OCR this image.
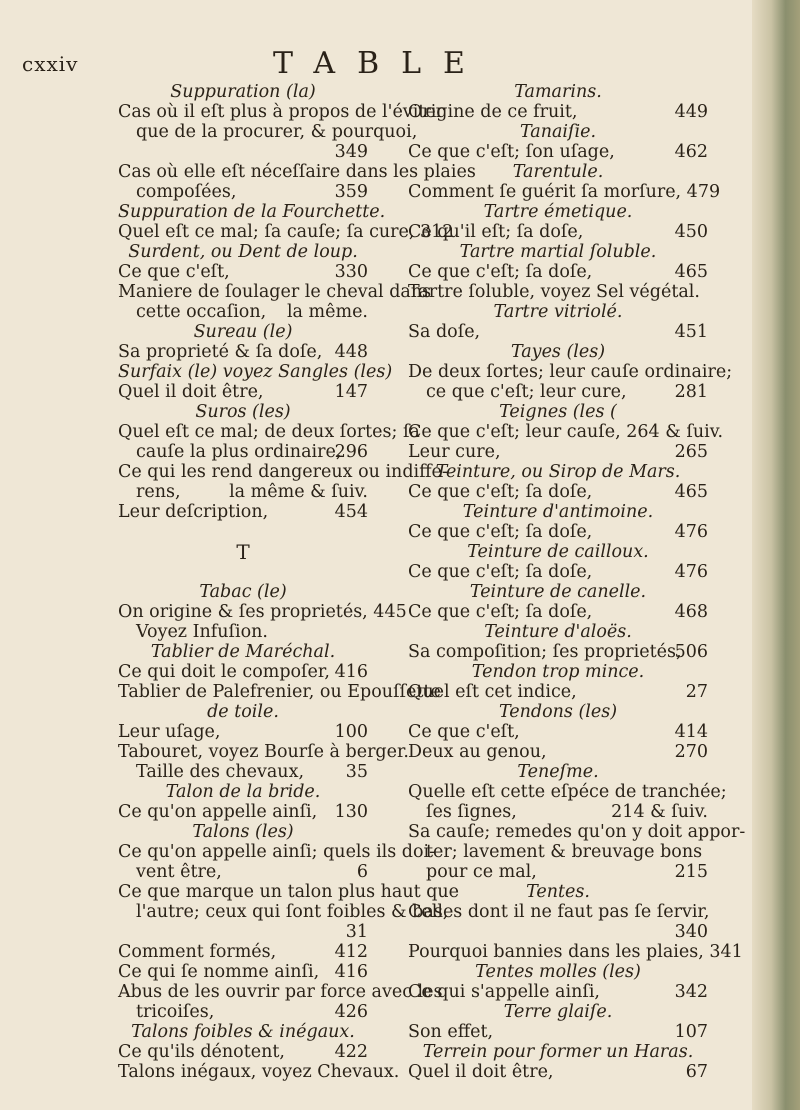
cxxiv	TABLE
Suppuration (la)
Cas où il eſt plus à propos de l'éviter
que de la procurer, & pourquoi,
349
Cas où elle eſt néceſſaire dans les plaies
compoſées,	359
Suppuration de la Fourchette.
Quel eſt ce mal; ſa cauſe; ſa cure, 312
Surdent, ou Dent de loup.
Ce que c'eſt,	330
Maniere de ſoulager le cheval dans
cette occaſion, la même.
Sureau (le)
Sa proprieté & ſa doſe, 448
Surfaix (le) voyez Sangles (les)
Quel il doit être,	147
Suros (les)
Quel eſt ce mal; de deux ſortes; ſa
cauſe la plus ordinaire,
296
Ce qui les rend dangereux ou indiffe-
rens,	la même & ſuiv.
Leur deſcription,	454
T
Tabac (le)
On origine & ſes proprietés, 445
Voyez Infuſion.
Tablier de Maréchal.
Ce qui doit le compoſer, 416
Tablier de Palefrenier, ou Epouſſette
de toile.
Leur uſage,	100
Tabouret, voyez Bourſe à berger.
Taille des chevaux, 35
Talon de la bride.
Ce qu'on appelle ainſi, 130
Talons (les)
Ce qu'on appelle ainſi; quels ils doi-
vent être,	6
Ce que marque un talon plus haut que
l'autre; ceux qui ſont foibles & bas,
31
Comment formés,	412
Ce qui ſe nomme ainſi, 416
Abus de les ouvrir par force avec les
tricoiſes,	426
Talons foibles & inégaux.
Ce qu'ils dénotent,	422
Talons inégaux, voyez Chevaux.
Tamarins.
Origine de ce fruit,	449
Tanaiſie.
Ce que c'eſt; ſon uſage,	462
Tarentule.
Comment ſe guérit ſa morſure, 479
Tartre émetique.
Ce qu'il eſt; ſa doſe,	450
Tartre martial ſoluble.
Ce que c'eſt; ſa doſe,	465
Tartre ſoluble, voyez Sel végétal.
Tartre vitriolé.
Sa doſe,	451
Tayes (les)
De deux ſortes; leur cauſe ordinaire;
ce que c'eſt; leur cure,	281
Teignes (les (
Ce que c'eſt; leur cauſe, 264 & ſuiv.
Leur cure,	265
Teinture, ou Sirop de Mars.
Ce que c'eſt; ſa doſe,	465
Teinture d'antimoine.
Ce que c'eſt; ſa doſe,	476
Teinture de cailloux.
Ce que c'eſt; ſa doſe,	476
Teinture de canelle.
Ce que c'eſt; ſa doſe,	468
Teinture d'aloës.
Sa compoſition; ſes proprietés,
506
Tendon trop mince.
Quel eſt cet indice,	27
Tendons (les)
Ce que c'eſt,	414
Deux au genou,	270
Teneſme.
Quelle eſt cette eſpéce de tranchée;
ſes ſignes,	214 & ſuiv.
Sa cauſe; remedes qu'on y doit appor-
ter; lavement & breuvage bons
pour ce mal,	215
Tentes.
Celles dont il ne faut pas ſe ſervir,
340
Pourquoi bannies dans les plaies, 341
Tentes molles (les)
Ce qui s'appelle ainſi,	342
Terre glaiſe.
Son effet,	107
Terrein pour former un Haras.
Quel il doit être,	67
